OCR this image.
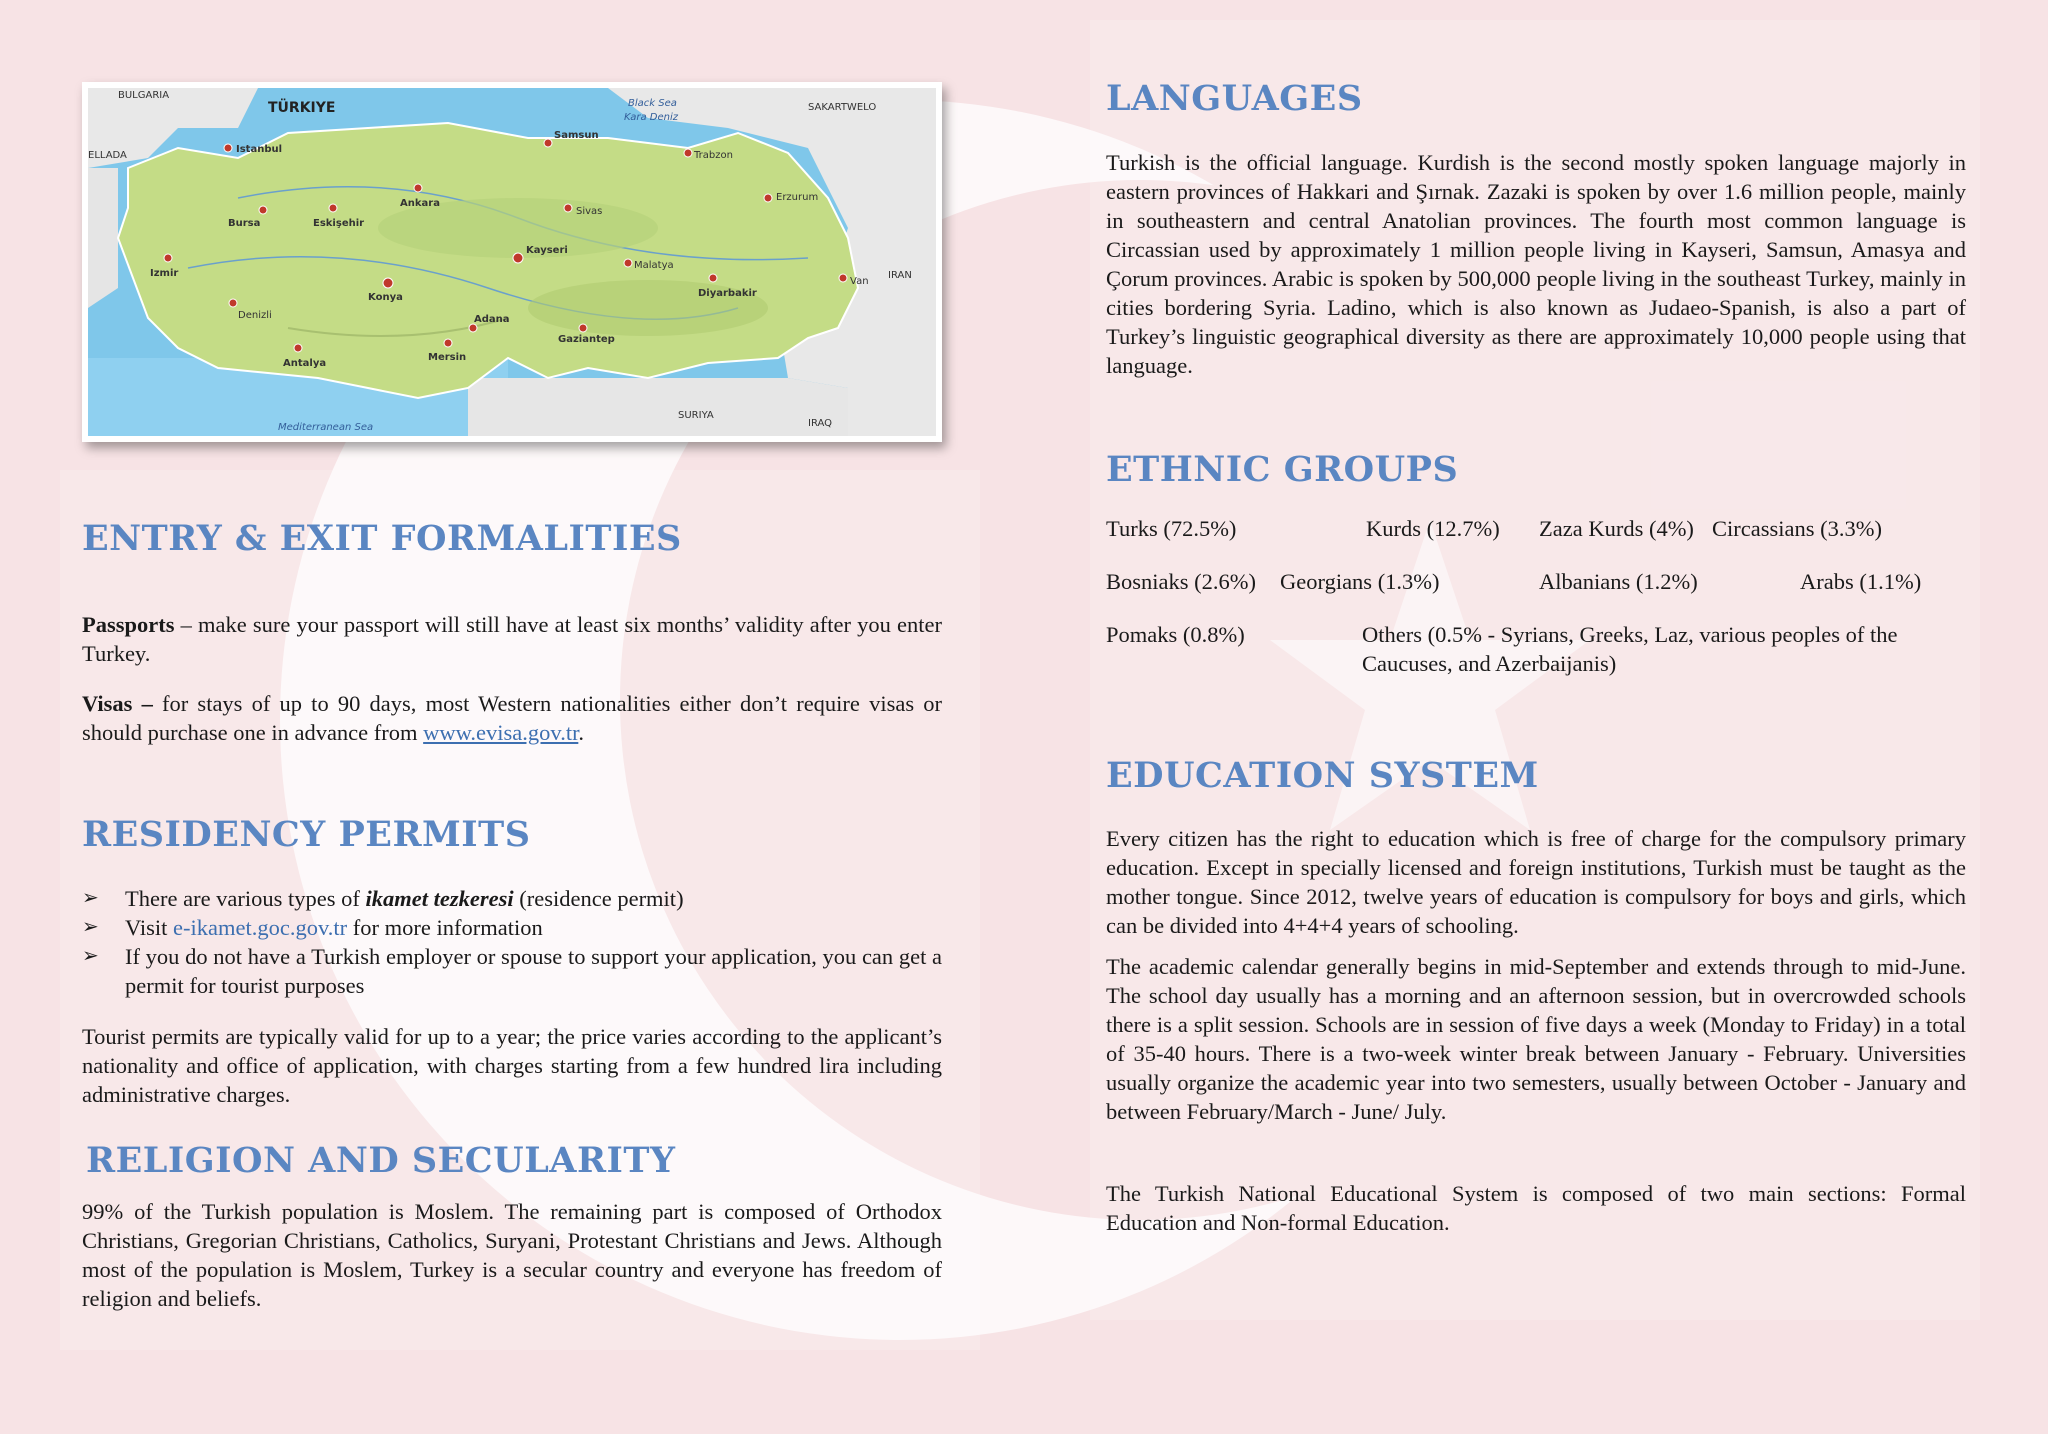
BULGARIA
TÜRKIYE	Black Sea
Kara Deniz
Mediterranean Sea
SAKARTWELO
ELLADA
IRAN
SURIYA
IRAQ
Istanbul
Ankara
Izmir
Bursa	Eskişehir
Konya
Kayseri
Antalya
Adana
Mersin
Gaziantep
Diyarbakir
Samsun
Erzurum
Van
Malatya
Sivas
Trabzon
Denizli
ENTRY & EXIT FORMALITIES

Passports – make sure your passport will still have at least six months’ validity after you enter Turkey.

Visas – for stays of up to 90 days, most Western nationalities either don’t require visas or should purchase one in advance from www.evisa.gov.tr.

RESIDENCY PERMITS
➢ There are various types of ikamet tezkeresi (residence permit)
➢ Visit e-ikamet.goc.gov.tr for more information
➢ If you do not have a Turkish employer or spouse to support your application, you can get a permit for tourist purposes

Tourist permits are typically valid for up to a year; the price varies according to the applicant’s nationality and office of application, with charges starting from a few hundred lira including administrative charges.

RELIGION AND SECULARITY

99% of the Turkish population is Moslem. The remaining part is composed of Orthodox Christians, Gregorian Christians, Catholics, Suryani, Protestant Christians and Jews. Although most of the population is Moslem, Turkey is a secular country and everyone has freedom of religion and beliefs.

LANGUAGES

Turkish is the official language. Kurdish is the second mostly spoken language majorly in eastern provinces of Hakkari and Şırnak. Zazaki is spoken by over 1.6 million people, mainly in southeastern and central Anatolian provinces. The fourth most common language is Circassian used by approximately 1 million people living in Kayseri, Samsun, Amasya and Çorum provinces. Arabic is spoken by 500,000 people living in the southeast Turkey, mainly in cities bordering Syria. Ladino, which is also known as Judaeo-Spanish, is also a part of Turkey’s linguistic geographical diversity as there are approximately 10,000 people using that language.

ETHNIC GROUPS
Turks (72.5%)	Kurds (12.7%) Zaza Kurds (4%) Circassians (3.3%)
Bosniaks (2.6%) Georgians (1.3%)	Albanians (1.2%)	Arabs (1.1%)
Pomaks (0.8%)	Others (0.5% - Syrians, Greeks, Laz, various peoples of the
Caucuses, and Azerbaijanis)
EDUCATION SYSTEM

Every citizen has the right to education which is free of charge for the compulsory primary education. Except in specially licensed and foreign institutions, Turkish must be taught as the mother tongue. Since 2012, twelve years of education is compulsory for boys and girls, which can be divided into 4+4+4 years of schooling.

The academic calendar generally begins in mid-September and extends through to mid-June. The school day usually has a morning and an afternoon session, but in overcrowded schools there is a split session. Schools are in session of five days a week (Monday to Friday) in a total of 35-40 hours. There is a two-week winter break between January - February. Universities usually organize the academic year into two semesters, usually between October - January and between February/March - June/ July.

The Turkish National Educational System is composed of two main sections: Formal Education and Non-formal Education.
